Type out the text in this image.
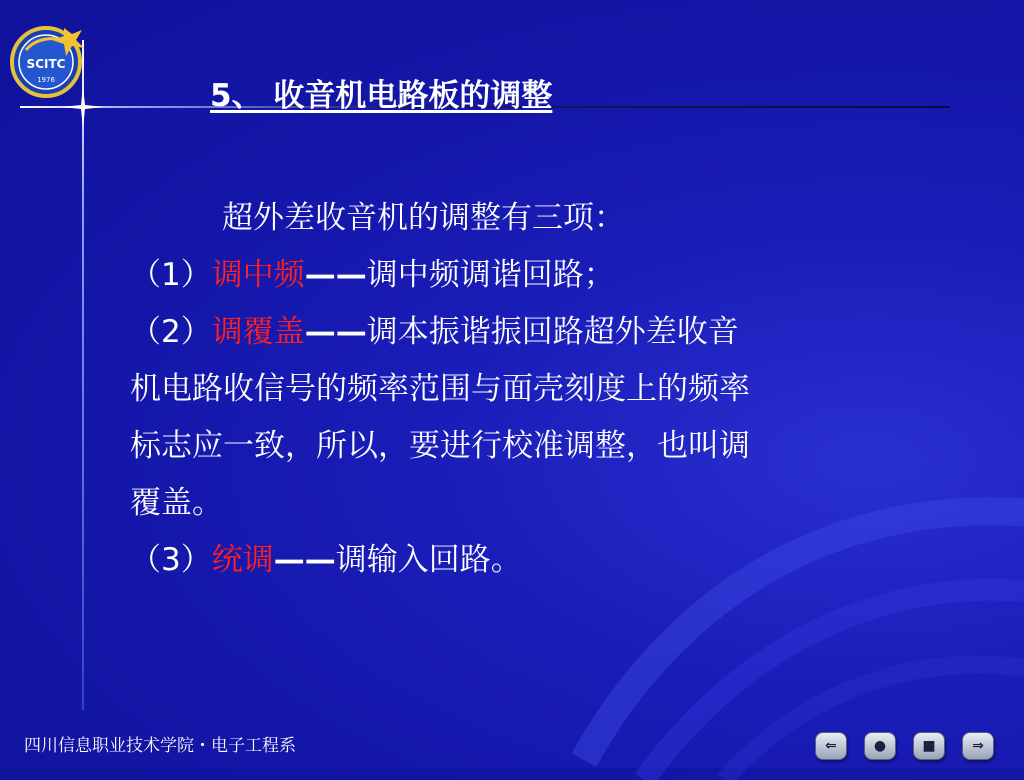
SCITC
1976	5、 收音机电路板的调整

超外差收音机的调整有三项：

（1）调中频——调中频调谐回路；

（2）调覆盖——调本振谐振回路超外差收音

机电路收信号的频率范围与面壳刻度上的频率

标志应一致，所以，要进行校准调整，也叫调

覆盖。

（3）统调——调输入回路。

四川信息职业技术学院・电子工程系	⇐	●	■	⇒
